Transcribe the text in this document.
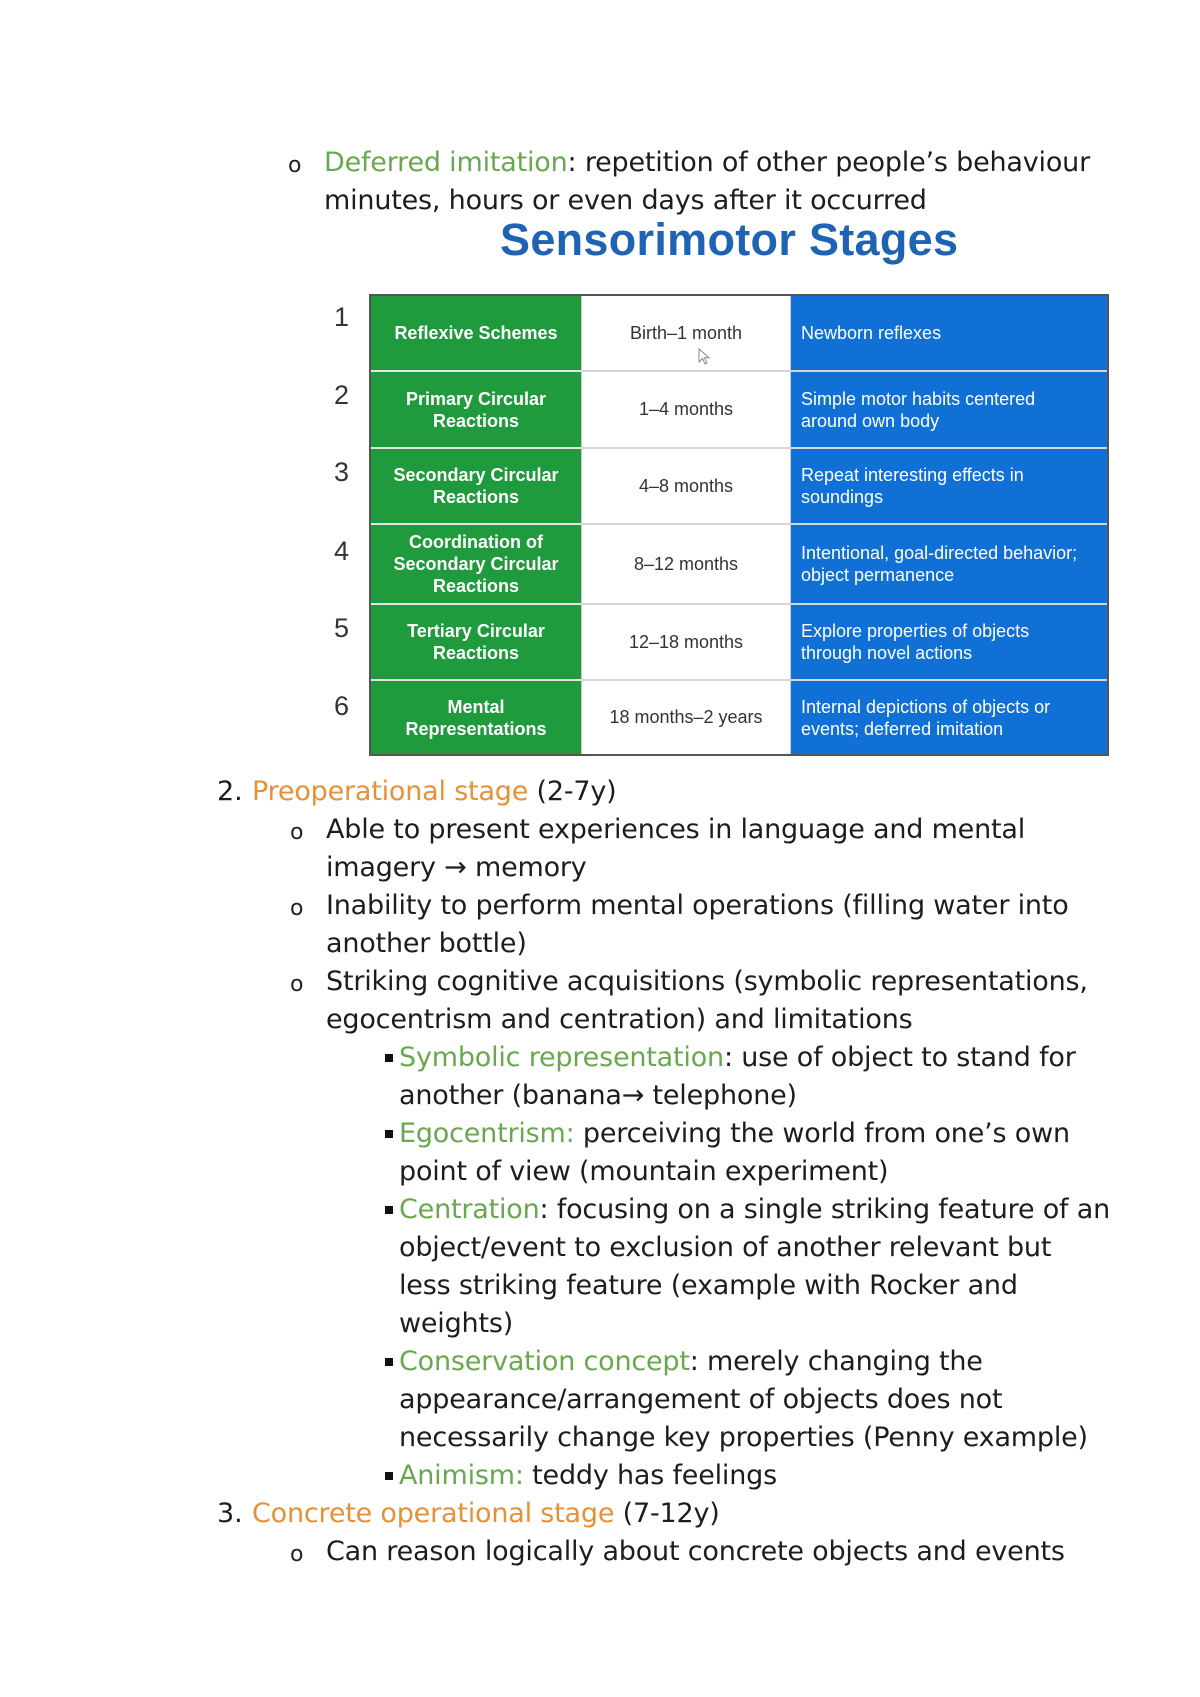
o Deferred imitation: repetition of other people’s behaviour
minutes, hours or even days after it occurred
Sensorimotor Stages
1
2
3
4
5
6
Reflexive Schemes	Birth–1 month	Newborn reflexes
Primary Circular Reactions
1–4 months
Simple motor habits centered around own body
Secondary Circular Reactions
4–8 months
Repeat interesting effects in soundings
Coordination of Secondary Circular Reactions
8–12 months
Intentional, goal-directed behavior; object permanence
Tertiary Circular Reactions
12–18 months
Explore properties of objects through novel actions
Mental Representations
18 months–2 years
Internal depictions of objects or events; deferred imitation
2. Preoperational stage (2-7y)
o Able to present experiences in language and mental
imagery → memory
o Inability to perform mental operations (filling water into
another bottle)
o Striking cognitive acquisitions (symbolic representations,
egocentrism and centration) and limitations
Symbolic representation: use of object to stand for
another (banana→ telephone)
Egocentrism: perceiving the world from one’s own
point of view (mountain experiment)
Centration: focusing on a single striking feature of an
object/event to exclusion of another relevant but
less striking feature (example with Rocker and
weights)
Conservation concept: merely changing the
appearance/arrangement of objects does not
necessarily change key properties (Penny example)
Animism: teddy has feelings
3. Concrete operational stage (7-12y)
o Can reason logically about concrete objects and events
